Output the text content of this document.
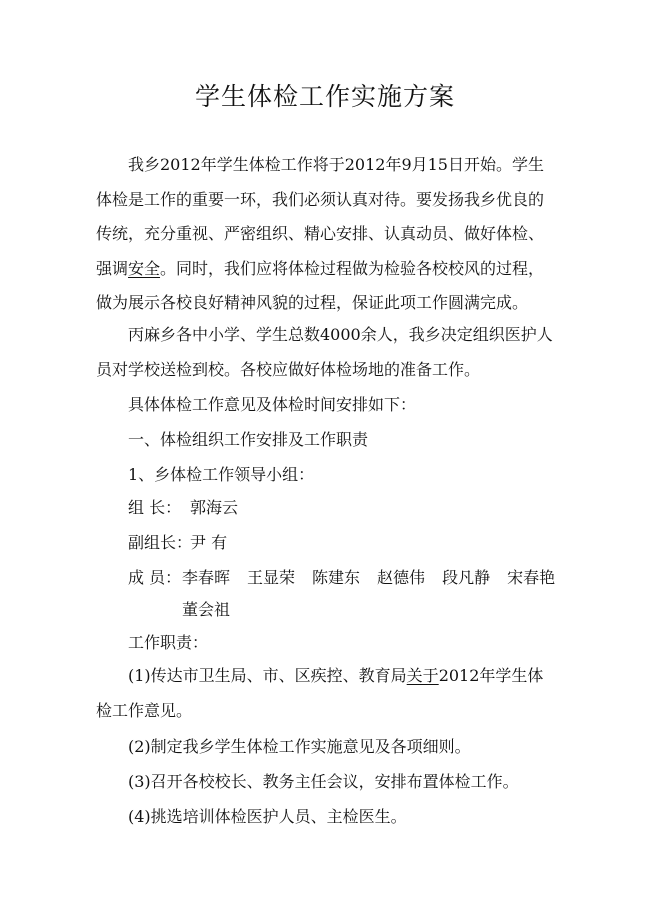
学生体检工作实施方案

我乡2012年学生体检工作将于2012年9月15日开始。学生体检是工作的重要一环，我们必须认真对待。要发扬我乡优良的传统，充分重视、严密组织、精心安排、认真动员、做好体检、强调安全。同时，我们应将体检过程做为检验各校校风的过程，做为展示各校良好精神风貌的过程，保证此项工作圆满完成。

丙麻乡各中小学、学生总数4000余人，我乡决定组织医护人员对学校送检到校。各校应做好体检场地的准备工作。

具体体检工作意见及体检时间安排如下：

一、体检组织工作安排及工作职责

1、乡体检工作领导小组：

组 长： 郭海云
副组长：尹 有
成 员： 李春晖 王显荣 陈建东 赵德伟 段凡静 宋春艳
董会祖
工作职责：

(1)传达市卫生局、市、区疾控、教育局关于2012年学生体检工作意见。

(2)制定我乡学生体检工作实施意见及各项细则。

(3)召开各校校长、教务主任会议，安排布置体检工作。

(4)挑选培训体检医护人员、主检医生。
